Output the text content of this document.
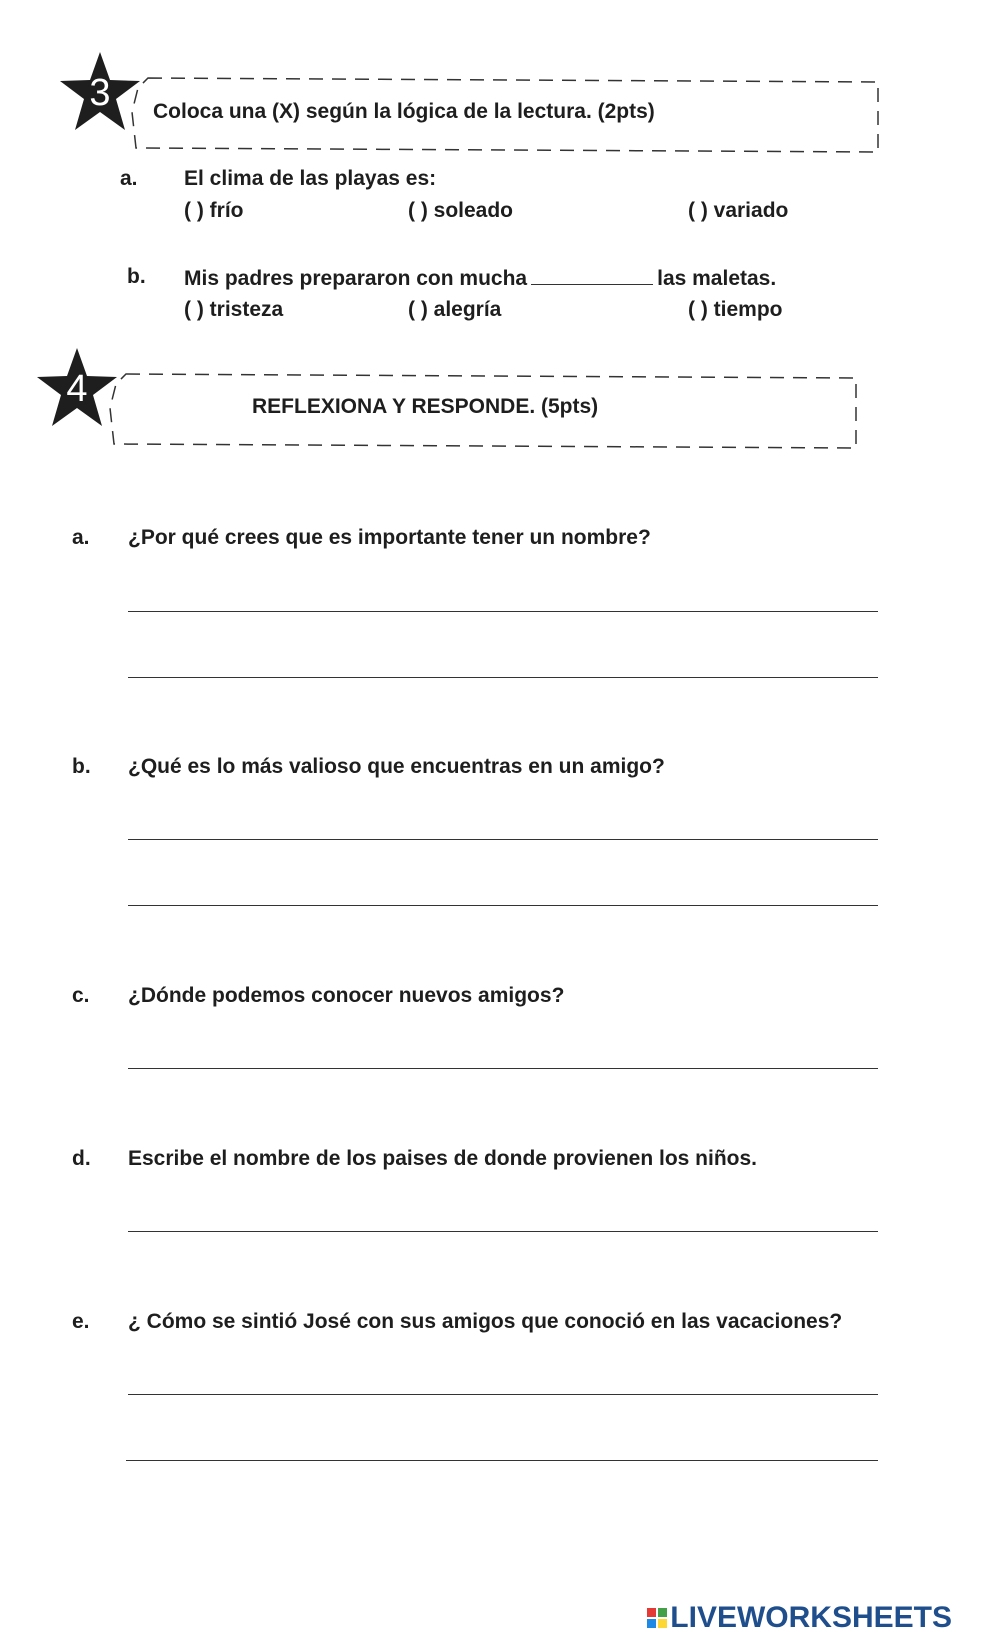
3	Coloca una (X) según la lógica de la lectura. (2pts)
a. El clima de las playas es:
( ) frío	( ) soleado	( ) variado
b. Mis padres prepararon con mucha	las maletas.
( ) tristeza	( ) alegría	( ) tiempo
4	REFLEXIONA Y RESPONDE. (5pts)
a. ¿Por qué crees que es importante tener un nombre?
b. ¿Qué es lo más valioso que encuentras en un amigo?
c. ¿Dónde podemos conocer nuevos amigos?
d. Escribe el nombre de los paises de donde provienen los niños.
e. ¿ Cómo se sintió José con sus amigos que conoció en las vacaciones?
LIVEWORKSHEETS
